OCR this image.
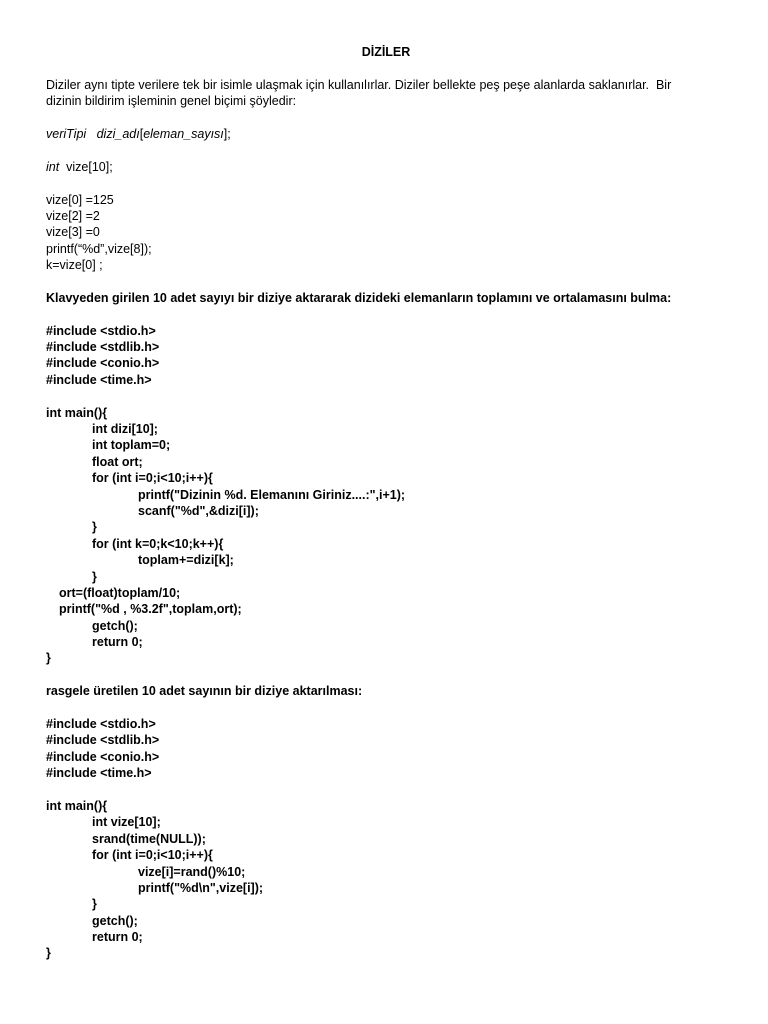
DİZİLER
Diziler aynı tipte verilere tek bir isimle ulaşmak için kullanılırlar. Diziler bellekte peş peşe alanlarda saklanırlar.  Bir
dizinin bildirim işleminin genel biçimi şöyledir:
veriTipi dizi_adı[eleman_sayısı];
int  vize[10];
vize[0] =125
vize[2] =2
vize[3] =0
printf(“%d”,vize[8]);
k=vize[0] ;
Klavyeden girilen 10 adet sayıyı bir diziye aktararak dizideki elemanların toplamını ve ortalamasını bulma:
#include <stdio.h>
#include <stdlib.h>
#include <conio.h>
#include <time.h>
int main(){
int dizi[10];
int toplam=0;
float ort;
for (int i=0;i<10;i++){
printf("Dizinin %d. Elemanını Giriniz....:",i+1);
scanf("%d",&dizi[i]);
}
for (int k=0;k<10;k++){
toplam+=dizi[k];
}
ort=(float)toplam/10;
printf("%d , %3.2f",toplam,ort);
getch();
return 0;
}
rasgele üretilen 10 adet sayının bir diziye aktarılması:
#include <stdio.h>
#include <stdlib.h>
#include <conio.h>
#include <time.h>
int main(){
int vize[10];
srand(time(NULL));
for (int i=0;i<10;i++){
vize[i]=rand()%10;
printf("%d\n",vize[i]);
}
getch();
return 0;
}
